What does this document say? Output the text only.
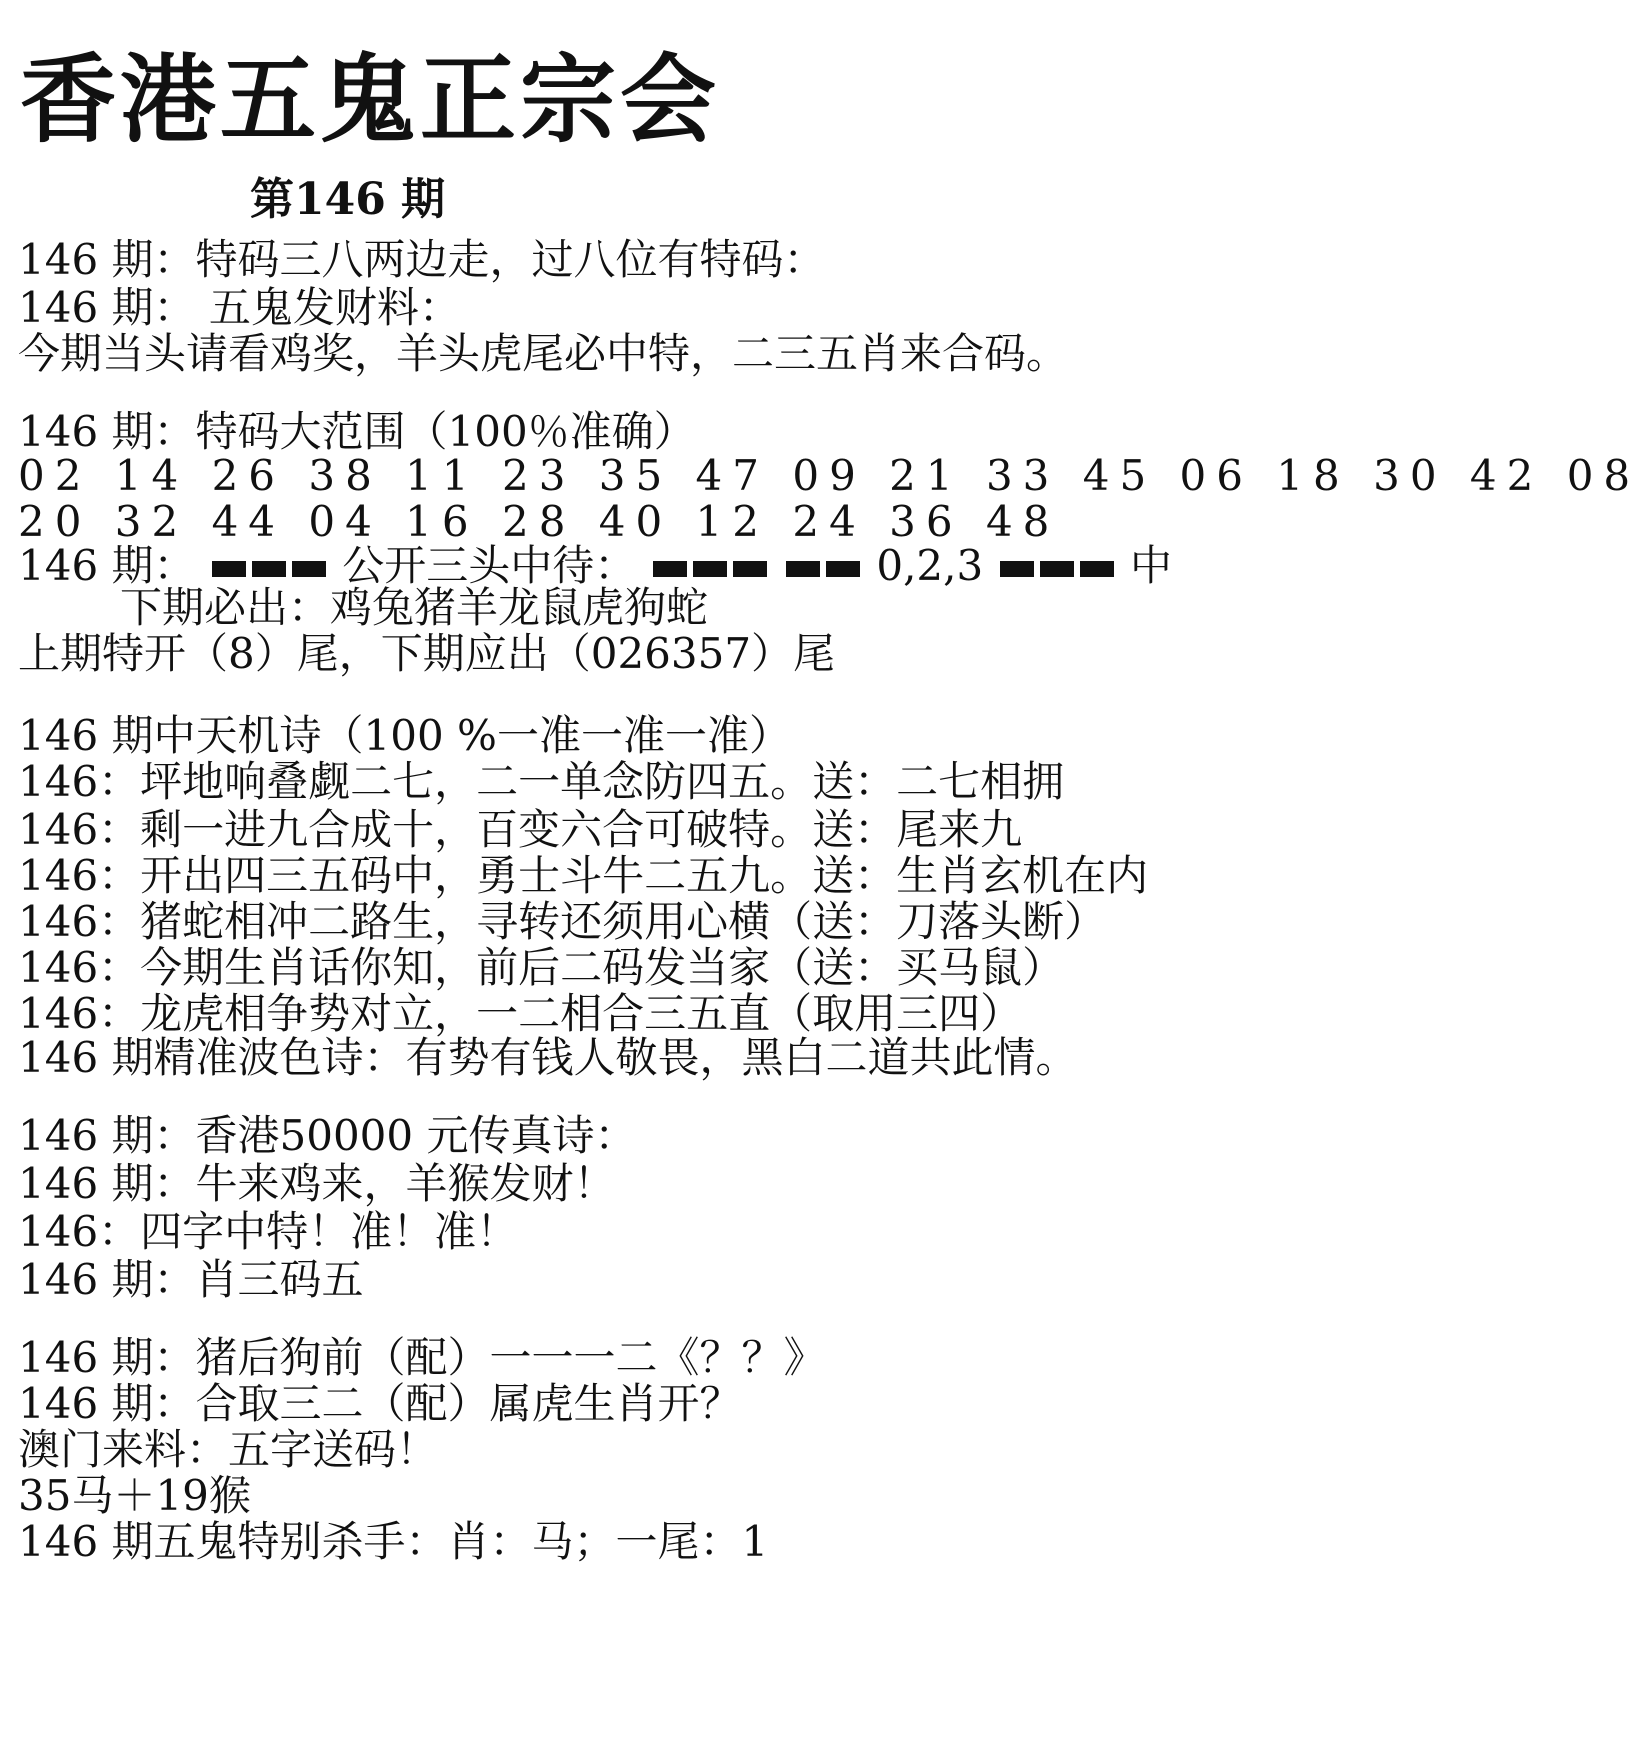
香港五鬼正宗会
第146 期
146 期：特码三八两边走，过八位有特码：
146 期： 五鬼发财料：
今期当头请看鸡奖，羊头虎尾必中特，二三五肖来合码。
146 期：特码大范围（100％准确）
02 14 26 38 11 23 35 47 09 21 33 45 06 18 30 42 08
20 32 44 04 16 28 40 12 24 36 48
146 期：	公开三头中待：	0,2,3	中
下期必出：鸡兔猪羊龙鼠虎狗蛇
上期特开（8）尾，下期应出（026357）尾
146 期中天机诗（100 %一准一准一准）
146：坪地响叠觑二七，二一单念防四五。送：二七相拥
146：剩一进九合成十，百变六合可破特。送：尾来九
146：开出四三五码中，勇士斗牛二五九。送：生肖玄机在内
146：猪蛇相冲二路生，寻转还须用心横（送：刀落头断）
146：今期生肖话你知，前后二码发当家（送：买马鼠）
146：龙虎相争势对立，一二相合三五直（取用三四）
146 期精准波色诗：有势有钱人敬畏，黑白二道共此情。
146 期：香港50000 元传真诗：
146 期：牛来鸡来，羊猴发财！
146：四字中特！准！准！
146 期：肖三码五
146 期：猪后狗前（配）一一一二《？？》
146 期：合取三二（配）属虎生肖开？
澳门来料：五字送码！
35马＋19猴
146 期五鬼特别杀手：肖：马；一尾：1
